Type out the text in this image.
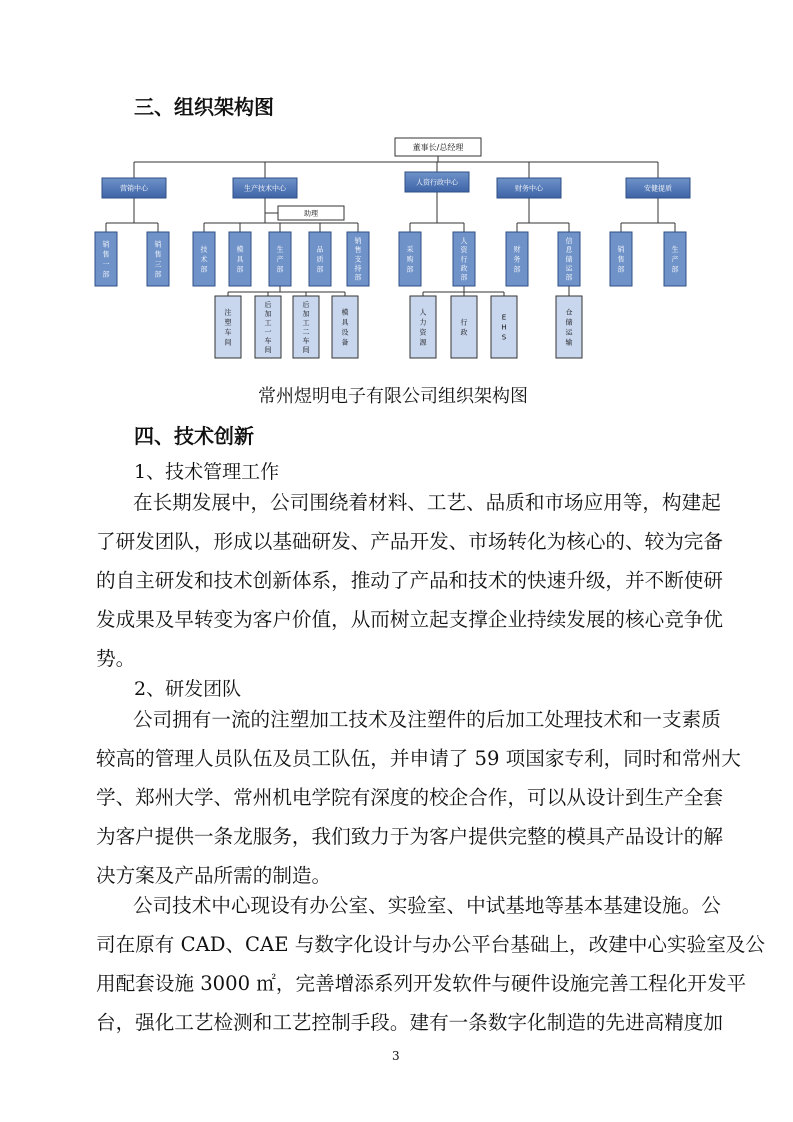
三、组织架构图
董事长/总经理
营销中心	生产技术中心
人资行政中心
财务中心	安健提质
助理
销售一部
销售三部
技术部
模具部
生产部
品质部
销售支持部
采购部
人资行政部
财务部
信息储运部
销售部
生产部
注塑车间
后加工一车间
后加工二车间
模具设备
人力资源
行政
E H S
仓储运输
常州煜明电子有限公司组织架构图
四、技术创新
1、技术管理工作
在长期发展中，公司围绕着材料、工艺、品质和市场应用等，构建起
了研发团队，形成以基础研发、产品开发、市场转化为核心的、较为完备
的自主研发和技术创新体系，推动了产品和技术的快速升级，并不断使研
发成果及早转变为客户价值，从而树立起支撑企业持续发展的核心竞争优
势。
2、研发团队
公司拥有一流的注塑加工技术及注塑件的后加工处理技术和一支素质
较高的管理人员队伍及员工队伍，并申请了 59 项国家专利，同时和常州大
学、郑州大学、常州机电学院有深度的校企合作，可以从设计到生产全套
为客户提供一条龙服务，我们致力于为客户提供完整的模具产品设计的解
决方案及产品所需的制造。
公司技术中心现设有办公室、实验室、中试基地等基本基建设施。公
司在原有 CAD、CAE 与数字化设计与办公平台基础上，改建中心实验室及公
用配套设施 3000 ㎡，完善增添系列开发软件与硬件设施完善工程化开发平
台，强化工艺检测和工艺控制手段。建有一条数字化制造的先进高精度加
3
